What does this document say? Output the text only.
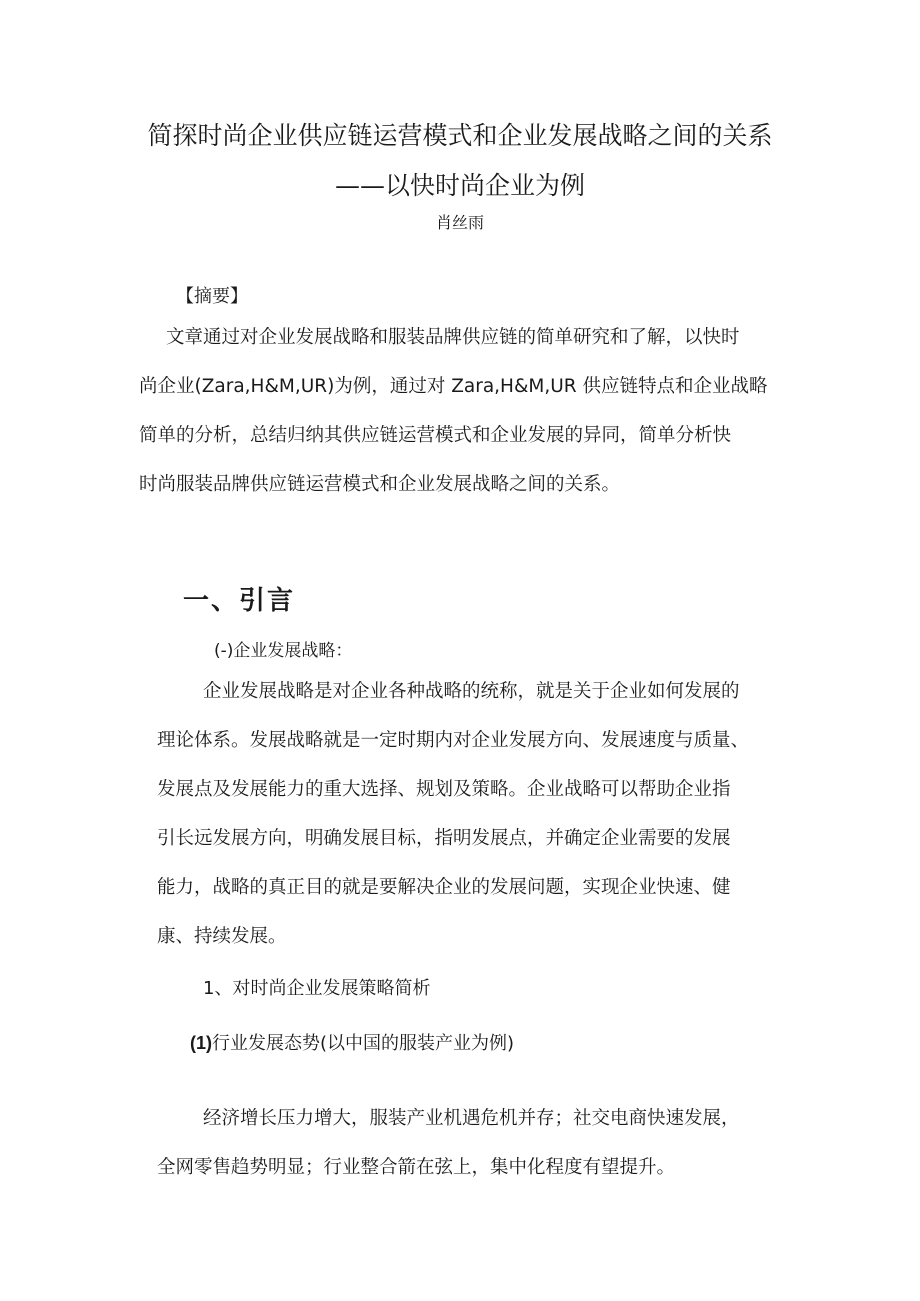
简探时尚企业供应链运营模式和企业发展战略之间的关系
——以快时尚企业为例
肖丝雨
【摘要】
文章通过对企业发展战略和服装品牌供应链的简单研究和了解，以快时
尚企业(Zara,H&M,UR)为例，通过对 Zara,H&M,UR 供应链特点和企业战略
简单的分析，总结归纳其供应链运营模式和企业发展的异同，简单分析快
时尚服装品牌供应链运营模式和企业发展战略之间的关系。
一、引言
(-)企业发展战略：
企业发展战略是对企业各种战略的统称，就是关于企业如何发展的
理论体系。发展战略就是一定时期内对企业发展方向、发展速度与质量、
发展点及发展能力的重大选择、规划及策略。企业战略可以帮助企业指
引长远发展方向，明确发展目标，指明发展点，并确定企业需要的发展
能力，战略的真正目的就是要解决企业的发展问题，实现企业快速、健
康、持续发展。
1、对时尚企业发展策略简析
(1)行业发展态势(以中国的服装产业为例)
经济增长压力增大，服装产业机遇危机并存；社交电商快速发展，
全网零售趋势明显；行业整合箭在弦上，集中化程度有望提升。
